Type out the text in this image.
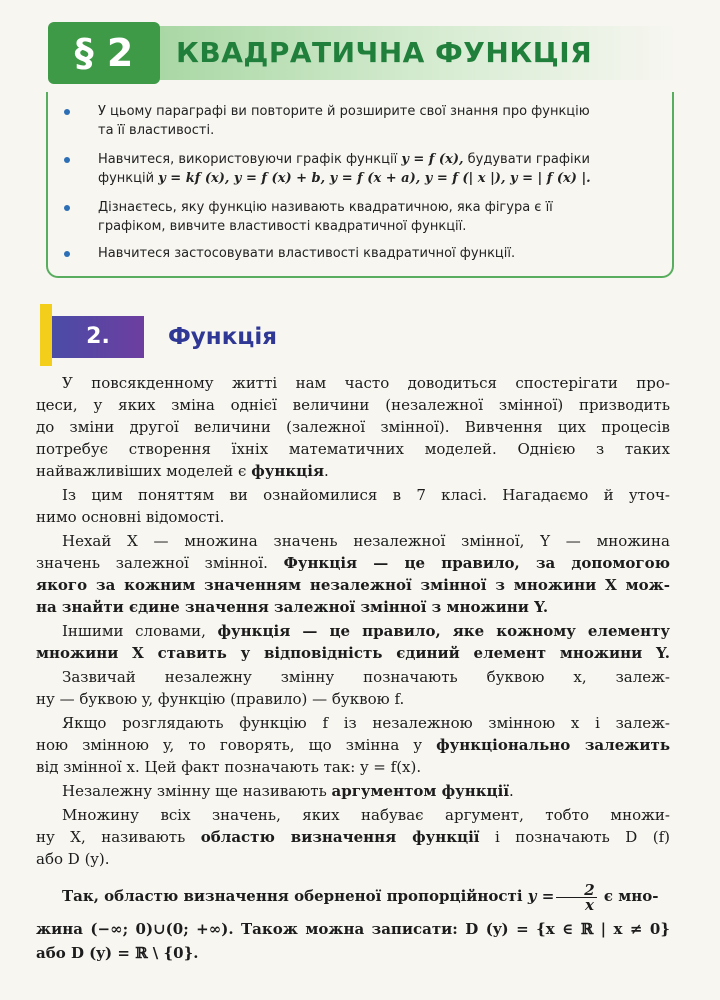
§ 2	КВАДРАТИЧНА ФУНКЦІЯ
У цьому параграфі ви повторите й розширите свої знання про функцію
та її властивості.
Навчитеся, використовуючи графік функції y = f (x), будувати графіки
функцій y = kf (x), y = f (x) + b, y = f (x + a), y = f (| x |), y = | f (x) |.
Дізнаєтесь, яку функцію називають квадратичною, яка фігура є її
графіком, вивчите властивості квадратичної функції.
Навчитеся застосовувати властивості квадратичної функції.
2.	Функція
У повсякденному житті нам часто доводиться спостерігати про-
цеси, у яких зміна однієї величини (незалежної змінної) призводить
до зміни другої величини (залежної змінної). Вивчення цих процесів
потребує створення їхніх математичних моделей. Однією з таких
найважливіших моделей є функція.
Із цим поняттям ви ознайомилися в 7 класі. Нагадаємо й уточ-
нимо основні відомості.
Нехай X — множина значень незалежної змінної, Y — множина
значень залежної змінної. Функція — це правило, за допомогою
якого за кожним значенням незалежної змінної з множини X мож-
на знайти єдине значення залежної змінної з множини Y.
Іншими словами, функція — це правило, яке кожному елементу
множини X ставить у відповідність єдиний елемент множини Y.
Зазвичай незалежну змінну позначають буквою x, залеж-
ну — буквою y, функцію (правило) — буквою f.
Якщо розглядають функцію f із незалежною змінною x і залеж-
ною змінною y, то говорять, що змінна y функціонально залежить
від змінної x. Цей факт позначають так: y = f(x).
Незалежну змінну ще називають аргументом функції.
Множину всіх значень, яких набуває аргумент, тобто множи-
ну X, називають областю визначення функції і позначають D (f)
або D (y).
Так, областю визначення оберненої пропорційності $y = \frac{2}{x}$ є мно-
жина (−∞; 0)∪(0; +∞). Також можна записати: D (y) = {x ∈ ℝ | x ≠ 0}
або D (y) = ℝ \ {0}.
